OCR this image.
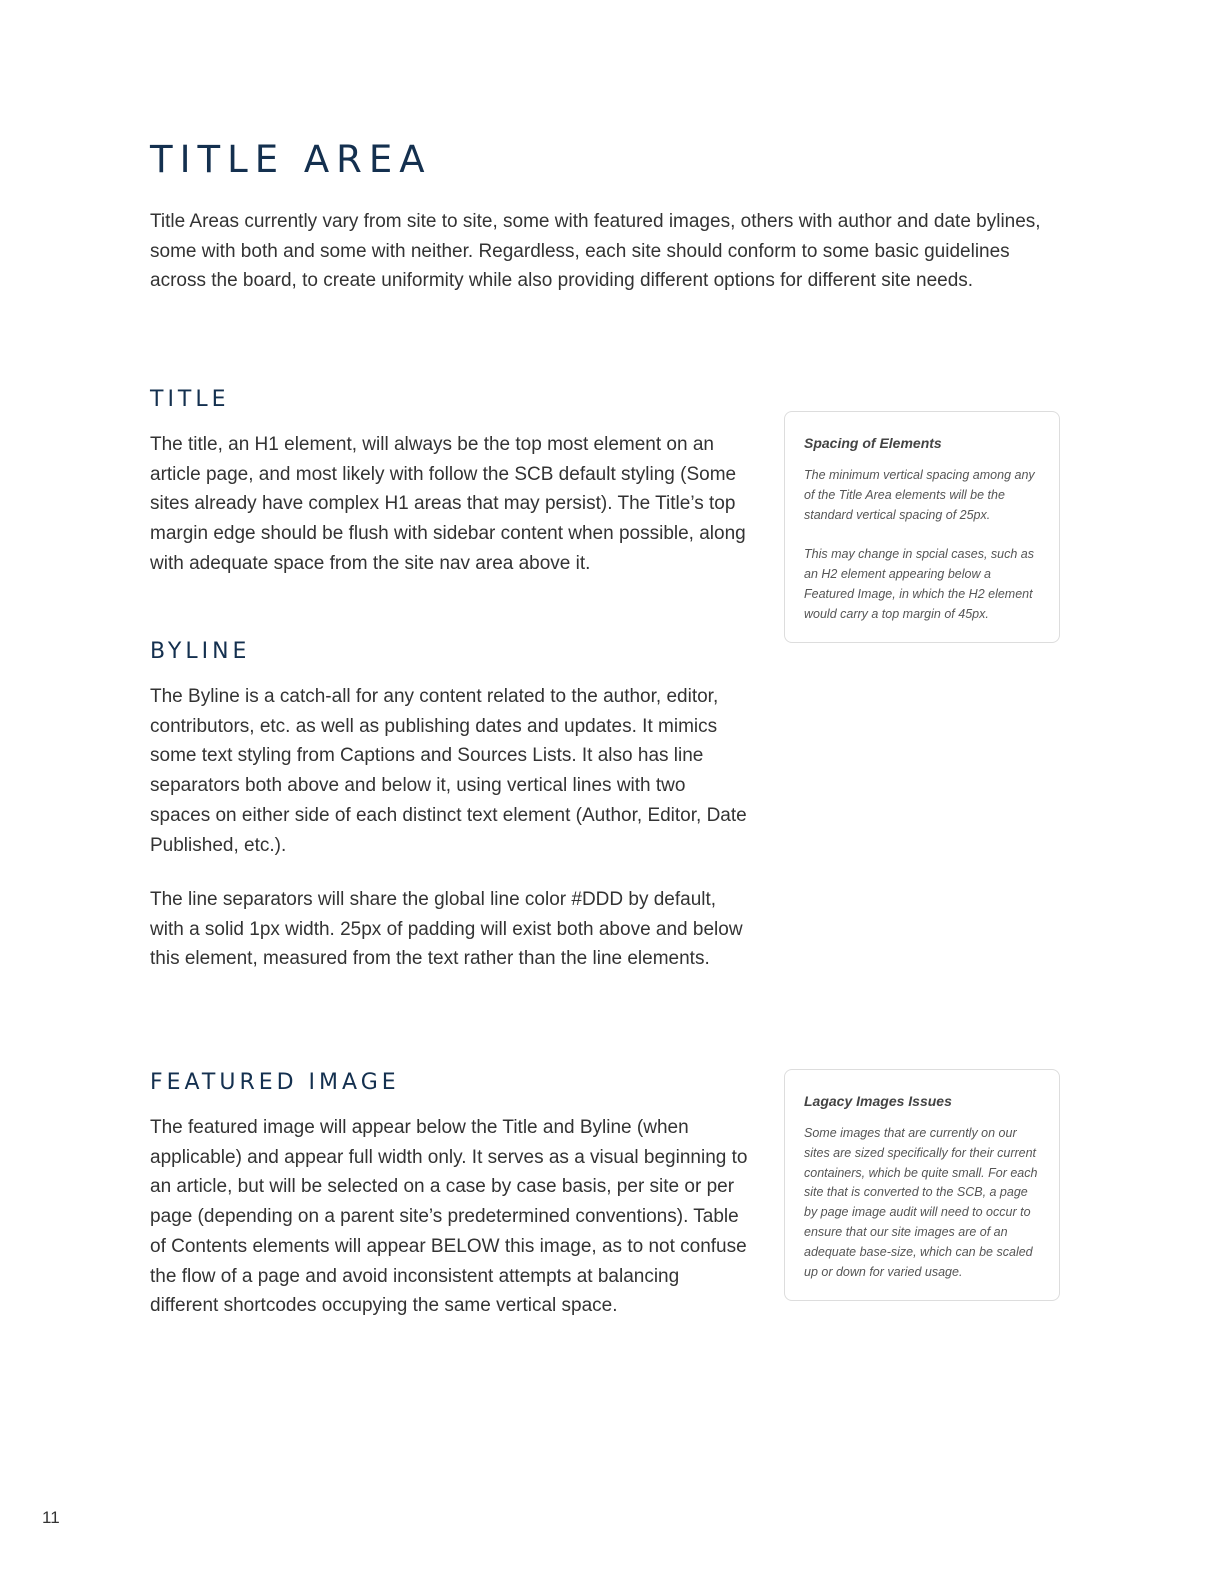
TITLE AREA

Title Areas currently vary from site to site, some with featured images, others with author and date bylines, some with both and some with neither. Regardless, each site should conform to some basic guidelines across the board, to create uniformity while also providing different options for different site needs.

TITLE

The title, an H1 element, will always be the top most element on an article page, and most likely with follow the SCB default styling (Some sites already have complex H1 areas that may persist). The Title’s top margin edge should be flush with sidebar content when possible, along with adequate space from the site nav area above it.

Spacing of Elements

The minimum vertical spacing among any of the Title Area elements will be the standard vertical spacing of 25px.

This may change in spcial cases, such as an H2 element appearing below a Featured Image, in which the H2 element would carry a top margin of 45px.

BYLINE

The Byline is a catch-all for any content related to the author, editor, contributors, etc. as well as publishing dates and updates. It mimics some text styling from Captions and Sources Lists. It also has line separators both above and below it, using vertical lines with two spaces on either side of each distinct text element (Author, Editor, Date Published, etc.).

The line separators will share the global line color #DDD by default, with a solid 1px width. 25px of padding will exist both above and below this element, measured from the text rather than the line elements.

FEATURED IMAGE

The featured image will appear below the Title and Byline (when applicable) and appear full width only. It serves as a visual beginning to an article, but will be selected on a case by case basis, per site or per page (depending on a parent site’s predetermined conventions). Table of Contents elements will appear BELOW this image, as to not confuse the flow of a page and avoid inconsistent attempts at balancing different shortcodes occupying the same vertical space.

Lagacy Images Issues

Some images that are currently on our sites are sized specifically for their current containers, which be quite small. For each site that is converted to the SCB, a page by page image audit will need to occur to ensure that our site images are of an adequate base-size, which can be scaled up or down for varied usage.

11
